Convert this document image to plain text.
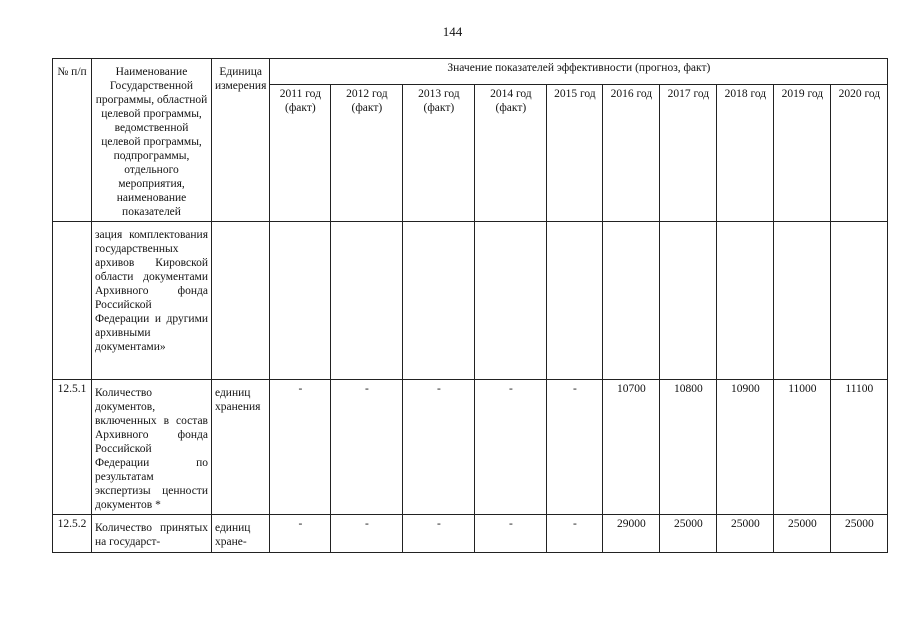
144
№ п/п	Наименование Государственной программы, областной целевой программы, ведомственной целевой программы, подпрограммы, отдельного мероприятия, наименование показателей	Единица измерения	Значение показателей эффективности (прогноз, факт)									
			2011 год (факт)	2012 год (факт)	2013 год (факт)	2014 год (факт)	2015 год	2016 год	2017 год	2018 год	2019 год	2020 год
	зация комплектования государственных архивов Кировской области документами Архивного фонда Российской Федерации и другими архивными документами»											
12.5.1	Количество документов, включенных в состав Архивного фонда Российской Федерации по результатам экспертизы ценности документов *	единиц хранения	-	-	-	-	-	10700	10800	10900	11000	11100
12.5.2	Количество принятых на государст-	единиц хране-	-	-	-	-	-	29000	25000	25000	25000	25000
